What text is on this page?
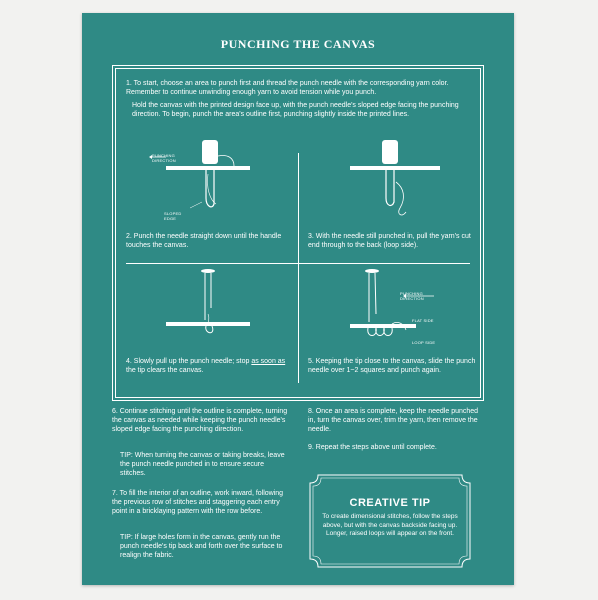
PUNCHING THE CANVAS
1. To start, choose an area to punch first and thread the punch needle with the corresponding yarn color. Remember to continue unwinding enough yarn to avoid tension while you punch.
Hold the canvas with the printed design face up, with the punch needle's sloped edge facing the punching direction. To begin, punch the area's outline first, punching slightly inside the printed lines.
PUNCHING DIRECTION
SLOPED EDGE
PUNCHING DIRECTION
FLAT SIDE
LOOP SIDE
2. Punch the needle straight down until the handle touches the canvas.
3. With the needle still punched in, pull the yarn's cut end through to the back (loop side).
4. Slowly pull up the punch needle; stop as soon as the tip clears the canvas.
5. Keeping the tip close to the canvas, slide the punch needle over 1~2 squares and punch again.
6. Continue stitching until the outline is complete, turning the canvas as needed while keeping the punch needle's sloped edge facing the punching direction.
TIP: When turning the canvas or taking breaks, leave the punch needle punched in to ensure secure stitches.
7. To fill the interior of an outline, work inward, following the previous row of stitches and staggering each entry point in a bricklaying pattern with the row before.
TIP: If large holes form in the canvas, gently run the punch needle's tip back and forth over the surface to realign the fabric.
8. Once an area is complete, keep the needle punched in, turn the canvas over, trim the yarn, then remove the needle.
9. Repeat the steps above until complete.
CREATIVE TIP
To create dimensional stitches, follow the steps above, but with the canvas backside facing up. Longer, raised loops will appear on the front.
